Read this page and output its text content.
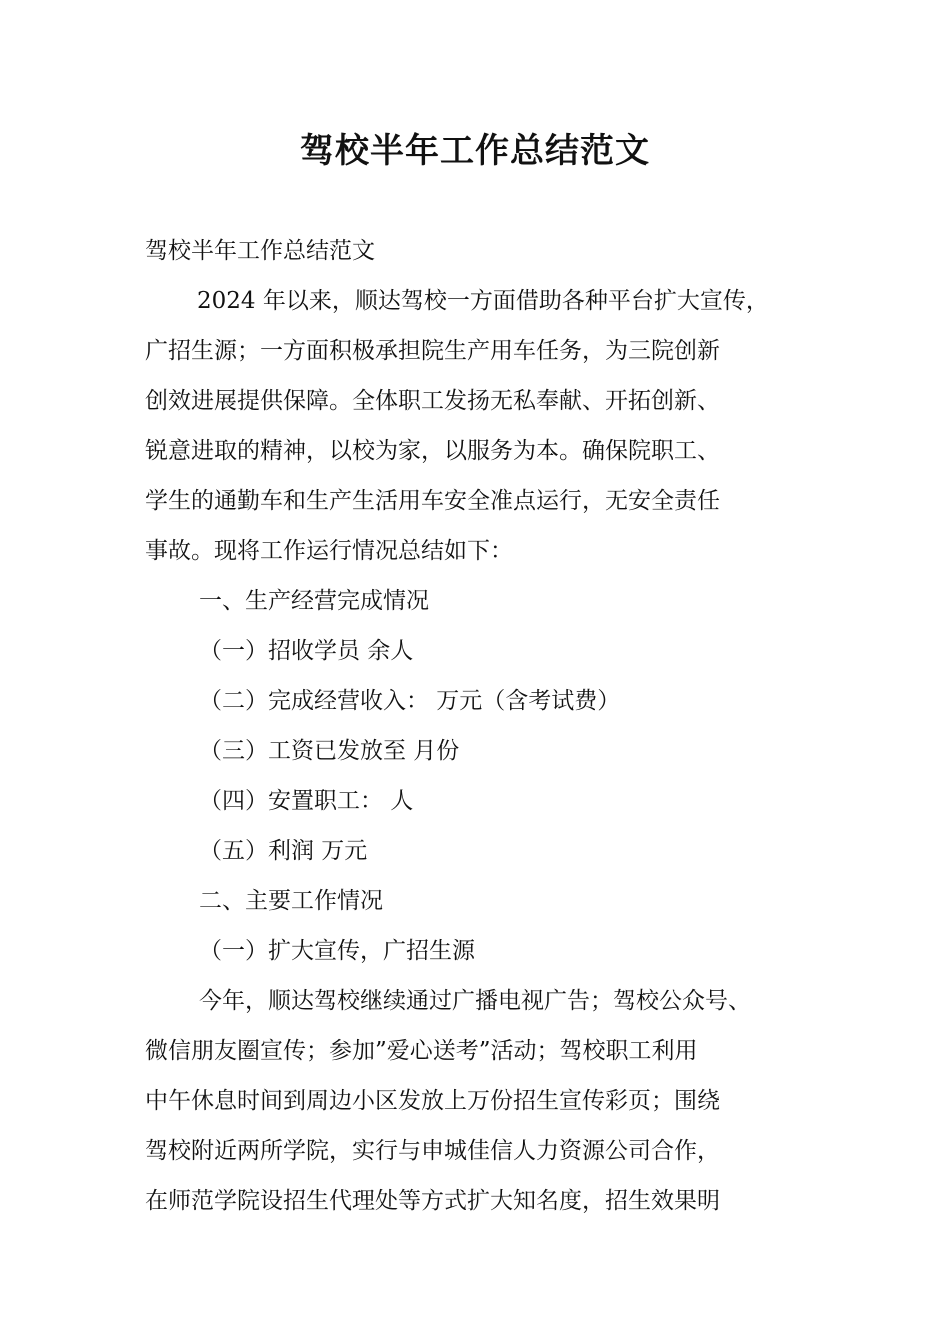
驾校半年工作总结范文

驾校半年工作总结范文

2024 年以来，顺达驾校一方面借助各种平台扩大宣传，

广招生源；一方面积极承担院生产用车任务，为三院创新

创效进展提供保障。全体职工发扬无私奉献、开拓创新、

锐意进取的精神，以校为家，以服务为本。确保院职工、

学生的通勤车和生产生活用车安全准点运行，无安全责任

事故。现将工作运行情况总结如下：

一、生产经营完成情况

（一）招收学员 余人

（二）完成经营收入： 万元（含考试费）

（三）工资已发放至 月份

（四）安置职工： 人

（五）利润 万元

二、主要工作情况

（一）扩大宣传，广招生源

今年，顺达驾校继续通过广播电视广告；驾校公众号、

微信朋友圈宣传；参加”爱心送考”活动；驾校职工利用

中午休息时间到周边小区发放上万份招生宣传彩页；围绕

驾校附近两所学院，实行与申城佳信人力资源公司合作，

在师范学院设招生代理处等方式扩大知名度，招生效果明
